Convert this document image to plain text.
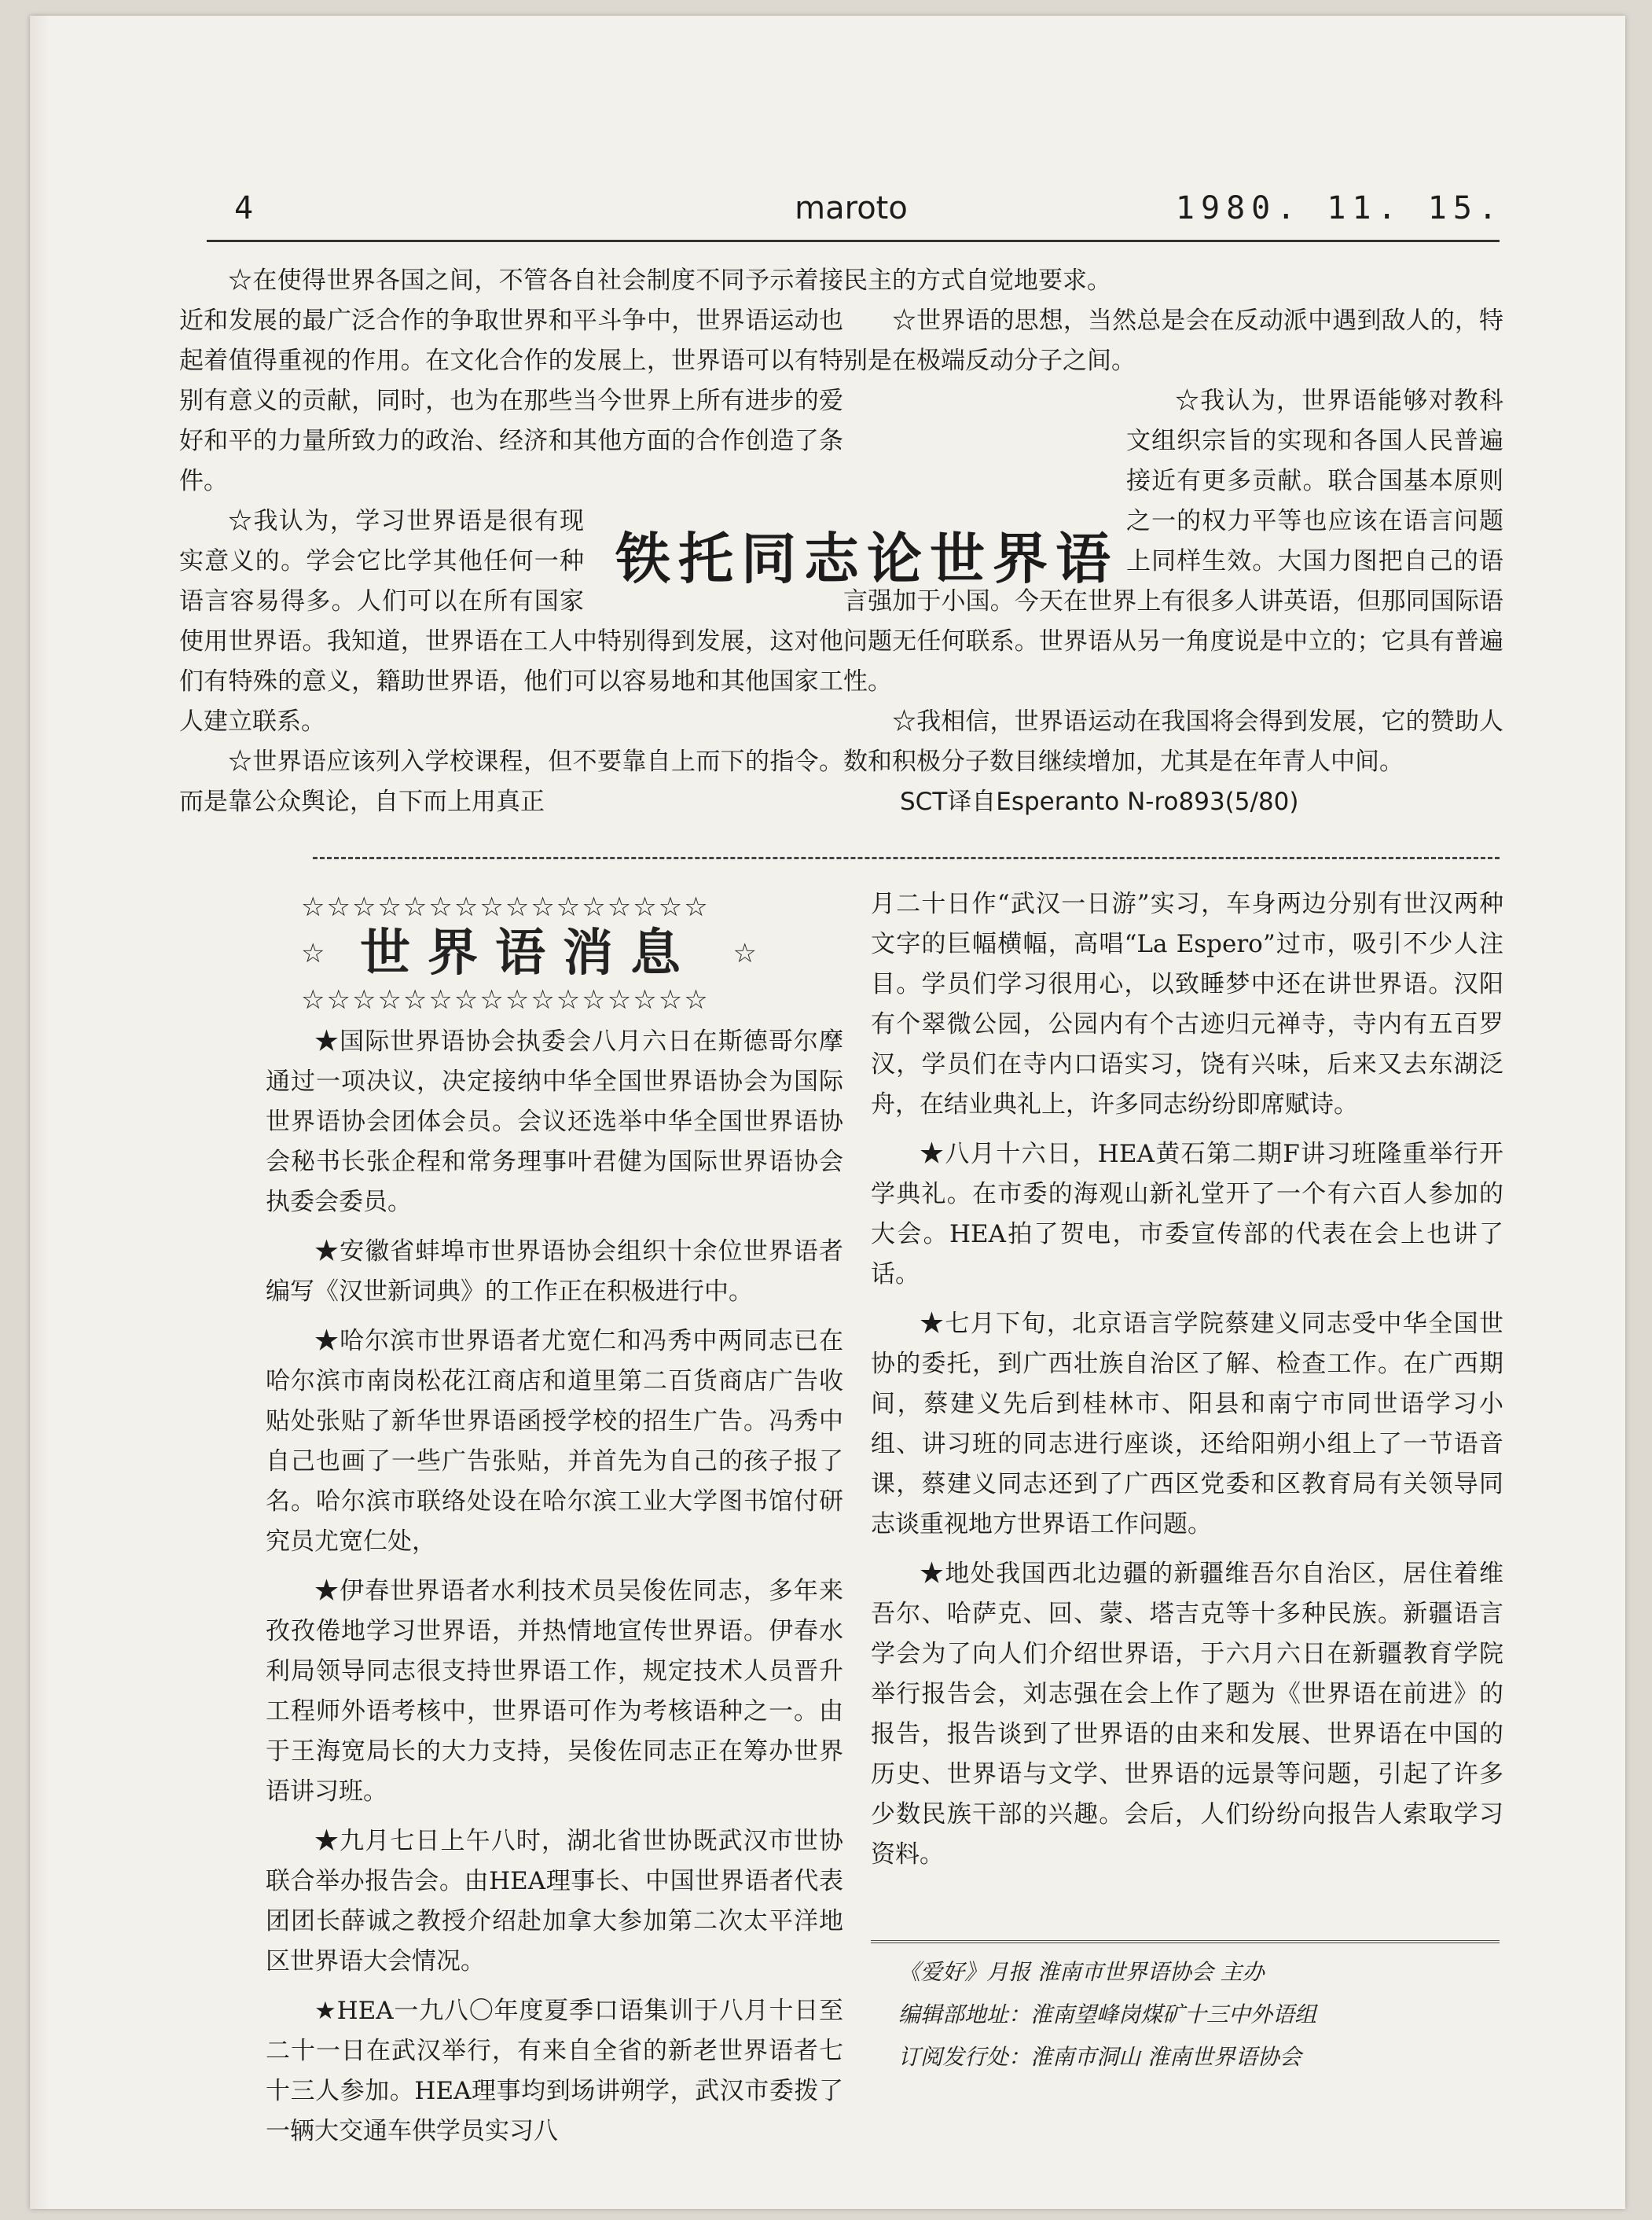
4	maroto	1980. 11. 15.
铁托同志论世界语

☆在使得世界各国之间，不管各自社会制度不同予示着接近和发展的最广泛合作的争取世界和平斗争中，世界语运动也起着值得重视的作用。在文化合作的发展上，世界语可以有特别有意义的贡献，同时，也为在那些当今世界上所有进步的爱好和平的力量所致力的政治、经济和其他方面的合作创造了条件。

☆我认为，学习世界语是很有现实意义的。学会它比学其他任何一种语言容易得多。人们可以在所有国家使用世界语。我知道，世界语在工人中特别得到发展，这对他们有特殊的意义，籍助世界语，他们可以容易地和其他国家工人建立联系。

☆世界语应该列入学校课程，但不要靠自上而下的指令。而是靠公众舆论，自下而上用真正

民主的方式自觉地要求。

☆世界语的思想，当然总是会在反动派中遇到敌人的，特别是在极端反动分子之间。

☆我认为，世界语能够对教科文组织宗旨的实现和各国人民普遍接近有更多贡献。联合国基本原则之一的权力平等也应该在语言问题上同样生效。大国力图把自己的语言强加于小国。今天在世界上有很多人讲英语，但那同国际语问题无任何联系。世界语从另一角度说是中立的；它具有普遍性。

☆我相信，世界语运动在我国将会得到发展，它的赞助人数和积极分子数目继续增加，尤其是在年青人中间。

SCT译自Esperanto N-ro893(5/80)

☆☆☆☆☆☆☆☆☆☆☆☆☆☆☆☆
☆ 世界语消息 ☆
☆☆☆☆☆☆☆☆☆☆☆☆☆☆☆☆

★国际世界语协会执委会八月六日在斯德哥尔摩通过一项决议，决定接纳中华全国世界语协会为国际世界语协会团体会员。会议还选举中华全国世界语协会秘书长张企程和常务理事叶君健为国际世界语协会执委会委员。

★安徽省蚌埠市世界语协会组织十余位世界语者编写《汉世新词典》的工作正在积极进行中。

★哈尔滨市世界语者尤宽仁和冯秀中两同志已在哈尔滨市南岗松花江商店和道里第二百货商店广告收贴处张贴了新华世界语函授学校的招生广告。冯秀中自己也画了一些广告张贴，并首先为自己的孩子报了名。哈尔滨市联络处设在哈尔滨工业大学图书馆付研究员尤宽仁处，

★伊春世界语者水利技术员吴俊佐同志，多年来孜孜倦地学习世界语，并热情地宣传世界语。伊春水利局领导同志很支持世界语工作，规定技术人员晋升工程师外语考核中，世界语可作为考核语种之一。由于王海宽局长的大力支持，吴俊佐同志正在筹办世界语讲习班。

★九月七日上午八时，湖北省世协既武汉市世协联合举办报告会。由HEA理事长、中国世界语者代表团团长薛诚之教授介绍赴加拿大参加第二次太平洋地区世界语大会情况。

★HEA一九八〇年度夏季口语集训于八月十日至二十一日在武汉举行，有来自全省的新老世界语者七十三人参加。HEA理事均到场讲朔学，武汉市委拨了一辆大交通车供学员实习八

月二十日作“武汉一日游”实习，车身两边分别有世汉两种文字的巨幅横幅，高唱“La Espero”过市，吸引不少人注目。学员们学习很用心，以致睡梦中还在讲世界语。汉阳有个翠微公园，公园内有个古迹归元禅寺，寺内有五百罗汉，学员们在寺内口语实习，饶有兴味，后来又去东湖泛舟，在结业典礼上，许多同志纷纷即席赋诗。

★八月十六日，HEA黄石第二期F讲习班隆重举行开学典礼。在市委的海观山新礼堂开了一个有六百人参加的大会。HEA拍了贺电，市委宣传部的代表在会上也讲了话。

★七月下旬，北京语言学院蔡建义同志受中华全国世协的委托，到广西壮族自治区了解、检查工作。在广西期间，蔡建义先后到桂林市、阳县和南宁市同世语学习小组、讲习班的同志进行座谈，还给阳朔小组上了一节语音课，蔡建义同志还到了广西区党委和区教育局有关领导同志谈重视地方世界语工作问题。

★地处我国西北边疆的新疆维吾尔自治区，居住着维吾尔、哈萨克、回、蒙、塔吉克等十多种民族。新疆语言学会为了向人们介绍世界语，于六月六日在新疆教育学院举行报告会，刘志强在会上作了题为《世界语在前进》的报告，报告谈到了世界语的由来和发展、世界语在中国的历史、世界语与文学、世界语的远景等问题，引起了许多少数民族干部的兴趣。会后，人们纷纷向报告人索取学习资料。

《爱好》月报 淮南市世界语协会 主办
编辑部地址：淮南望峰岗煤矿十三中外语组
订阅发行处：淮南市洞山 淮南世界语协会
